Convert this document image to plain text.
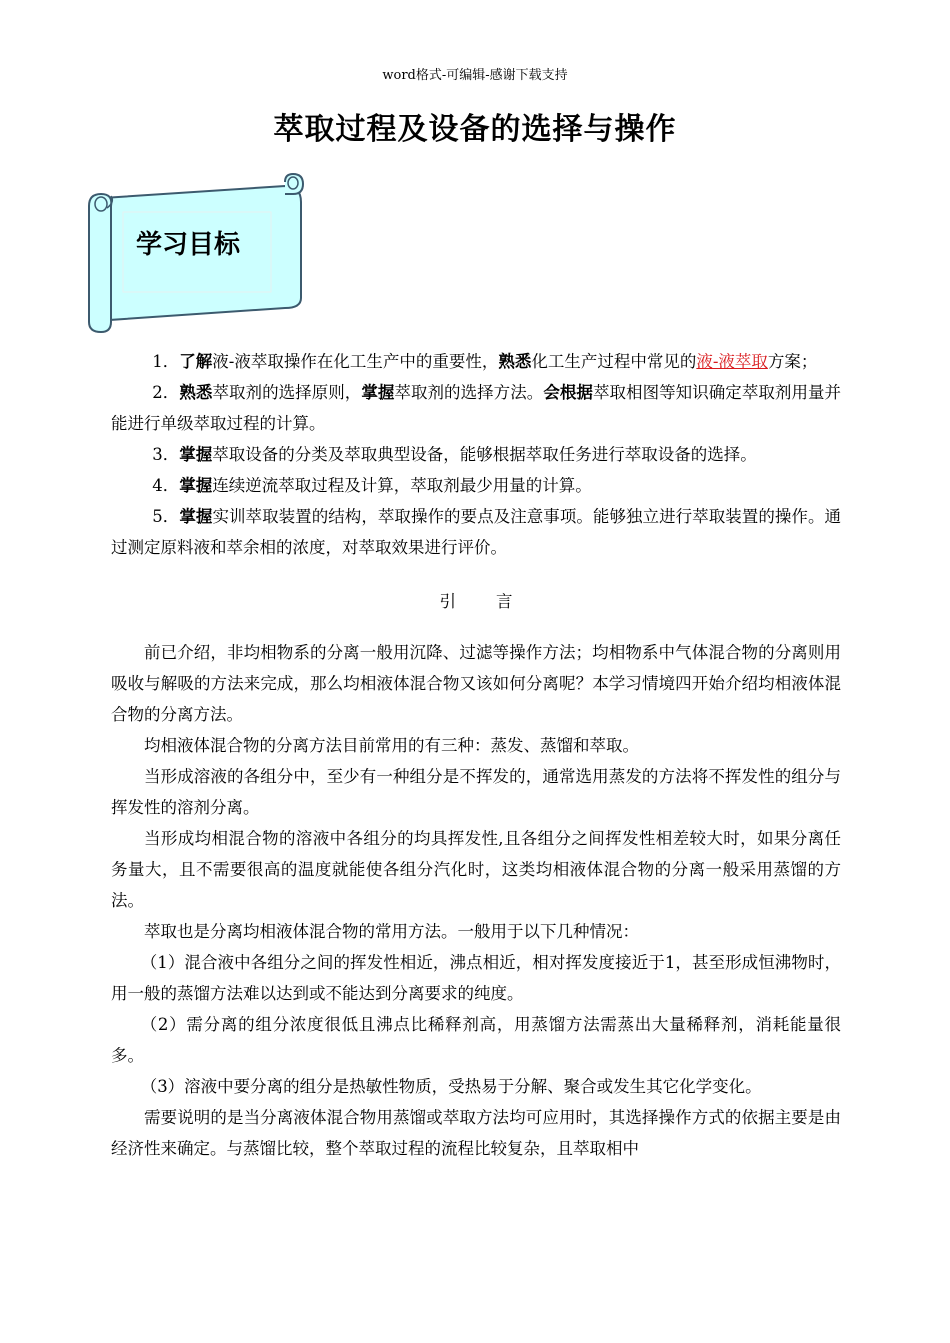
word格式-可编辑-感谢下载支持
萃取过程及设备的选择与操作
学习目标

1．了解液-液萃取操作在化工生产中的重要性，熟悉化工生产过程中常见的液-液萃取方案；

2．熟悉萃取剂的选择原则，掌握萃取剂的选择方法。会根据萃取相图等知识确定萃取剂用量并能进行单级萃取过程的计算。

3．掌握萃取设备的分类及萃取典型设备，能够根据萃取任务进行萃取设备的选择。

4．掌握连续逆流萃取过程及计算，萃取剂最少用量的计算。

5．掌握实训萃取装置的结构，萃取操作的要点及注意事项。能够独立进行萃取装置的操作。通过测定原料液和萃余相的浓度，对萃取效果进行评价。

引 言

前已介绍，非均相物系的分离一般用沉降、过滤等操作方法；均相物系中气体混合物的分离则用吸收与解吸的方法来完成，那么均相液体混合物又该如何分离呢？本学习情境四开始介绍均相液体混合物的分离方法。

均相液体混合物的分离方法目前常用的有三种：蒸发、蒸馏和萃取。

当形成溶液的各组分中，至少有一种组分是不挥发的，通常选用蒸发的方法将不挥发性的组分与挥发性的溶剂分离。

当形成均相混合物的溶液中各组分的均具挥发性,且各组分之间挥发性相差较大时，如果分离任务量大，且不需要很高的温度就能使各组分汽化时，这类均相液体混合物的分离一般采用蒸馏的方法。

萃取也是分离均相液体混合物的常用方法。一般用于以下几种情况：

（1）混合液中各组分之间的挥发性相近，沸点相近，相对挥发度接近于1，甚至形成恒沸物时，用一般的蒸馏方法难以达到或不能达到分离要求的纯度。

（2）需分离的组分浓度很低且沸点比稀释剂高，用蒸馏方法需蒸出大量稀释剂，消耗能量很多。

（3）溶液中要分离的组分是热敏性物质，受热易于分解、聚合或发生其它化学变化。

需要说明的是当分离液体混合物用蒸馏或萃取方法均可应用时，其选择操作方式的依据主要是由经济性来确定。与蒸馏比较，整个萃取过程的流程比较复杂，且萃取相中
